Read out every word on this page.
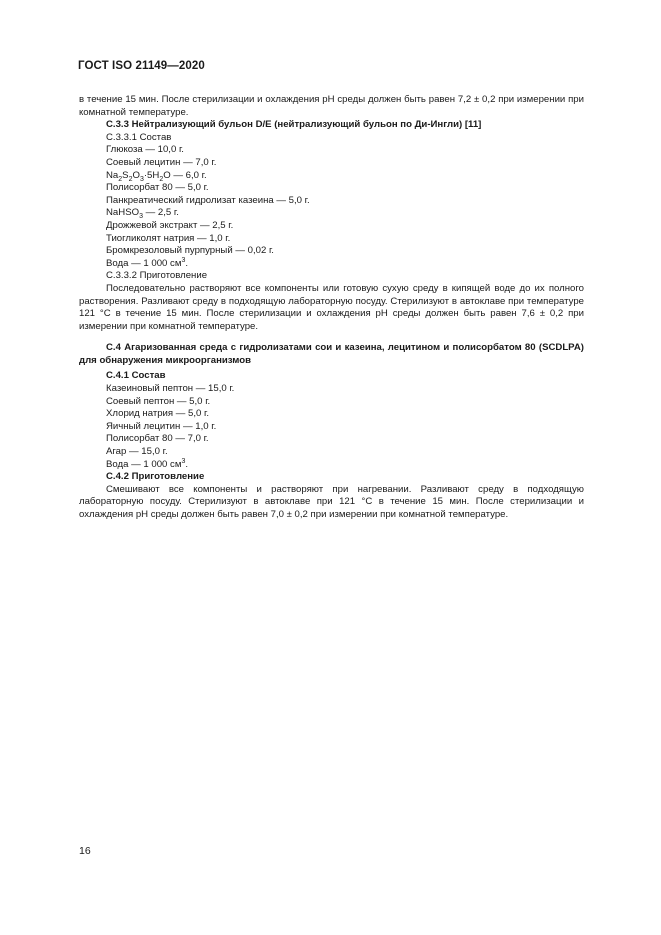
ГОСТ ISO 21149—2020

в течение 15 мин. После стерилизации и охлаждения pH среды должен быть равен 7,2 ± 0,2 при измерении при комнатной температуре.

С.3.3 Нейтрализующий бульон D/E (нейтрализующий бульон по Ди-Ингли) [11]

С.3.3.1 Состав

Глюкоза — 10,0 г.

Соевый лецитин — 7,0 г.

$Na_2S_2O_3\cdot 5H_2O$ — 6,0 г.

Полисорбат 80 — 5,0 г.

Панкреатический гидролизат казеина — 5,0 г.

NaHSO$_3$ — 2,5 г.

Дрожжевой экстракт — 2,5 г.

Тиогликолят натрия — 1,0 г.

Бромкрезоловый пурпурный — 0,02 г.

Вода — 1 000 $см^3$.

С.3.3.2 Приготовление

Последовательно растворяют все компоненты или готовую сухую среду в кипящей воде до их полного растворения. Разливают среду в подходящую лабораторную посуду. Стерилизуют в автоклаве при температуре 121 °С в течение 15 мин. После стерилизации и охлаждения pH среды должен быть равен 7,6 ± 0,2 при измерении при комнатной температуре.

С.4 Агаризованная среда с гидролизатами сои и казеина, лецитином и полисорбатом 80 (SCDLPA) для обнаружения микроорганизмов

С.4.1 Состав

Казеиновый пептон — 15,0 г.

Соевый пептон — 5,0 г.

Хлорид натрия — 5,0 г.

Яичный лецитин — 1,0 г.

Полисорбат 80 — 7,0 г.

Агар — 15,0 г.

Вода — 1 000 $см^3$.

С.4.2 Приготовление

Смешивают все компоненты и растворяют при нагревании. Разливают среду в подходящую лабораторную посуду. Стерилизуют в автоклаве при 121 °С в течение 15 мин. После стерилизации и охлаждения pH среды должен быть равен 7,0 ± 0,2 при измерении при комнатной температуре.

16
